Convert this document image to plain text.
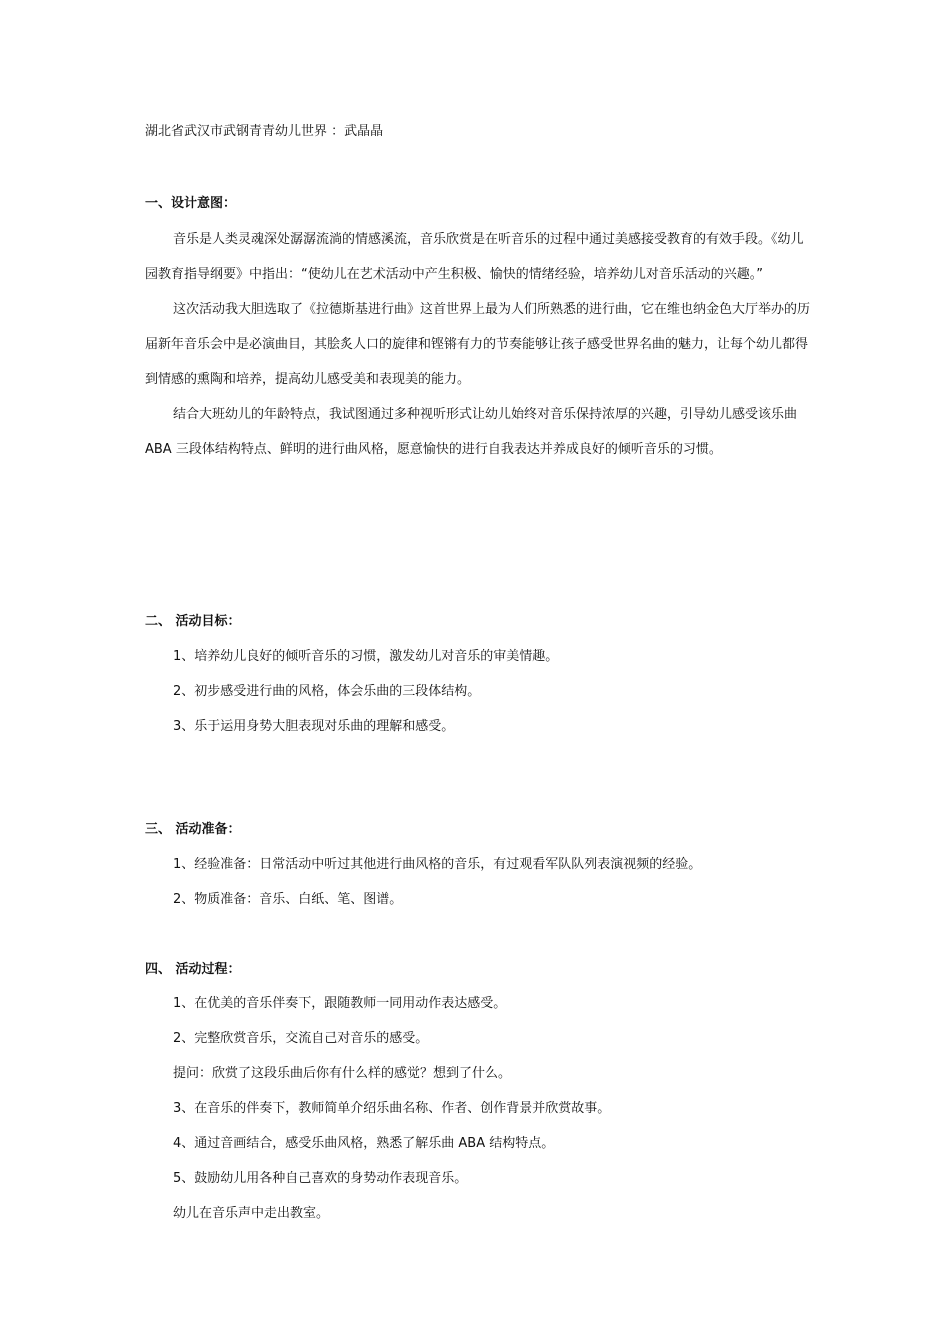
湖北省武汉市武钢青青幼儿世界 ：武晶晶
一、设计意图：

音乐是人类灵魂深处潺潺流淌的情感溪流，音乐欣赏是在听音乐的过程中通过美感接受教育的有效手段。《幼儿园教育指导纲要》中指出：“使幼儿在艺术活动中产生积极、愉快的情绪经验，培养幼儿对音乐活动的兴趣。”

这次活动我大胆选取了《拉德斯基进行曲》这首世界上最为人们所熟悉的进行曲，它在维也纳金色大厅举办的历届新年音乐会中是必演曲目，其脍炙人口的旋律和铿锵有力的节奏能够让孩子感受世界名曲的魅力，让每个幼儿都得到情感的熏陶和培养，提高幼儿感受美和表现美的能力。

结合大班幼儿的年龄特点，我试图通过多种视听形式让幼儿始终对音乐保持浓厚的兴趣，引导幼儿感受该乐曲 ABA 三段体结构特点、鲜明的进行曲风格，愿意愉快的进行自我表达并养成良好的倾听音乐的习惯。

二、 活动目标：

1、培养幼儿良好的倾听音乐的习惯，激发幼儿对音乐的审美情趣。

2、初步感受进行曲的风格，体会乐曲的三段体结构。

3、乐于运用身势大胆表现对乐曲的理解和感受。

三、 活动准备：

1、经验准备：日常活动中听过其他进行曲风格的音乐，有过观看军队队列表演视频的经验。

2、物质准备：音乐、白纸、笔、图谱。

四、 活动过程：

1、在优美的音乐伴奏下，跟随教师一同用动作表达感受。

2、完整欣赏音乐，交流自己对音乐的感受。

提问：欣赏了这段乐曲后你有什么样的感觉？想到了什么。

3、在音乐的伴奏下，教师简单介绍乐曲名称、作者、创作背景并欣赏故事。

4、通过音画结合，感受乐曲风格，熟悉了解乐曲 ABA 结构特点。

5、鼓励幼儿用各种自己喜欢的身势动作表现音乐。

幼儿在音乐声中走出教室。
